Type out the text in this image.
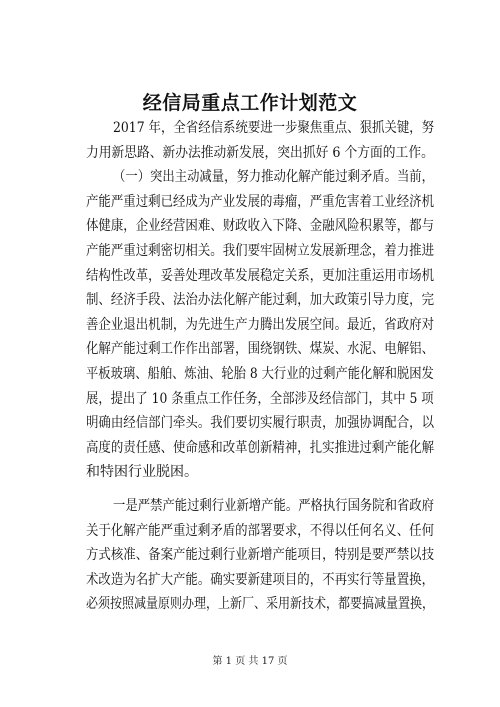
经信局重点工作计划范文
2017 年，全省经信系统要进一步聚焦重点、狠抓关键，努
力用新思路、新办法推动新发展，突出抓好 6 个方面的工作。
（一）突出主动减量，努力推动化解产能过剩矛盾。当前，
产能严重过剩已经成为产业发展的毒瘤，严重危害着工业经济机
体健康，企业经营困难、财政收入下降、金融风险积累等，都与
产能严重过剩密切相关。我们要牢固树立发展新理念，着力推进
结构性改革，妥善处理改革发展稳定关系，更加注重运用市场机
制、经济手段、法治办法化解产能过剩，加大政策引导力度，完
善企业退出机制，为先进生产力腾出发展空间。最近，省政府对
化解产能过剩工作作出部署，围绕钢铁、煤炭、水泥、电解铝、
平板玻璃、船舶、炼油、轮胎 8 大行业的过剩产能化解和脱困发
展，提出了 10 条重点工作任务，全部涉及经信部门，其中 5 项
明确由经信部门牵头。我们要切实履行职责，加强协调配合，以
高度的责任感、使命感和改革创新精神，扎实推进过剩产能化解
和特困行业脱困。
一是严禁产能过剩行业新增产能。严格执行国务院和省政府
关于化解产能严重过剩矛盾的部署要求，不得以任何名义、任何
方式核准、备案产能过剩行业新增产能项目，特别是要严禁以技
术改造为名扩大产能。确实要新建项目的，不再实行等量置换，
必须按照减量原则办理，上新厂、采用新技术，都要搞减量置换，
第 1 页 共 17 页
